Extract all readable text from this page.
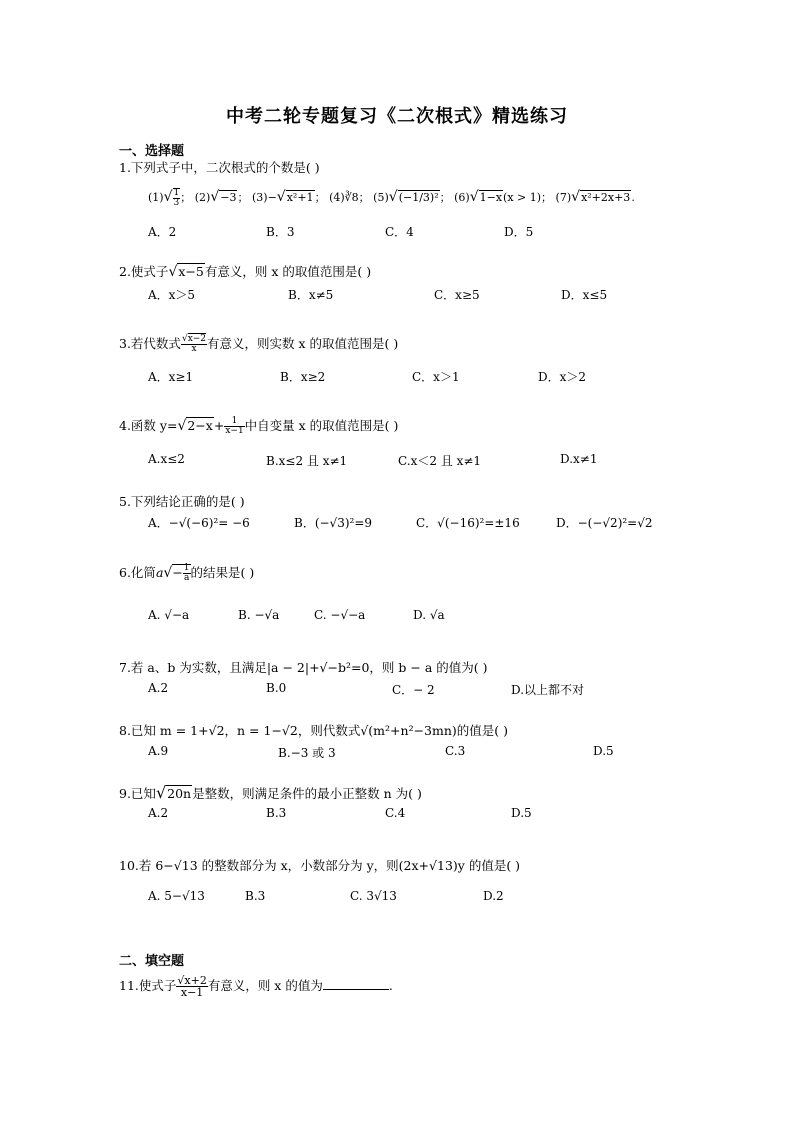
中考二轮专题复习《二次根式》精选练习
一、选择题
1.下列式子中，二次根式的个数是( )
$(1)√ \frac{1}{3}$ ； (2)√−3； (3)−√x²+1； (4)∛8； (5)√(−1/3)²； (6)√1−x(x > 1)； (7)√x²+2x+3.
A．2	B．3	C．4	D．5
2.使式子√x−5有意义，则 x 的取值范围是( )
A．x＞5	B．x≠5	C．x≥5	D．x≤5
3.若代数式 $\frac{√x-2}{x}$ 有意义，则实数 x 的取值范围是( )
A．x≥1	B．x≥2	C．x＞1	D．x＞2
4.函数 $y=√2-x+ \frac{1}{x-1}$ 中自变量 x 的取值范围是( )
A.x≤2	B.x≤2 且 x≠1	C.x＜2 且 x≠1	D.x≠1
5.下列结论正确的是( )
A．−√(−6)²= −6	B．(−√3)²=9	C．√(−16)²=±16	D．−(−√2)²=√2
6.化简$a√- \frac{1}{a}$ 的结果是( )
A. √−a	B. −√a	C. −√−a	D. √a
7.若 a、b 为实数，且满足|a − 2|+√−b²=0，则 b − a 的值为( )
A.2	B.0	C．− 2	D.以上都不对
8.已知 m = 1+√2，n = 1−√2，则代数式√(m²+n²−3mn)的值是( )
A.9	B.−3 或 3	C.3	D.5
9.已知√20n是整数，则满足条件的最小正整数 n 为( )
A.2	B.3	C.4	D.5
10.若 6−√13 的整数部分为 x，小数部分为 y，则(2x+√13)y 的值是( )
A. 5−√13	B.3	C. 3√13	D.2
二、填空题
11.使式子 $\frac{√x+2}{x-1}$ 有意义，则 x 的值为	.
